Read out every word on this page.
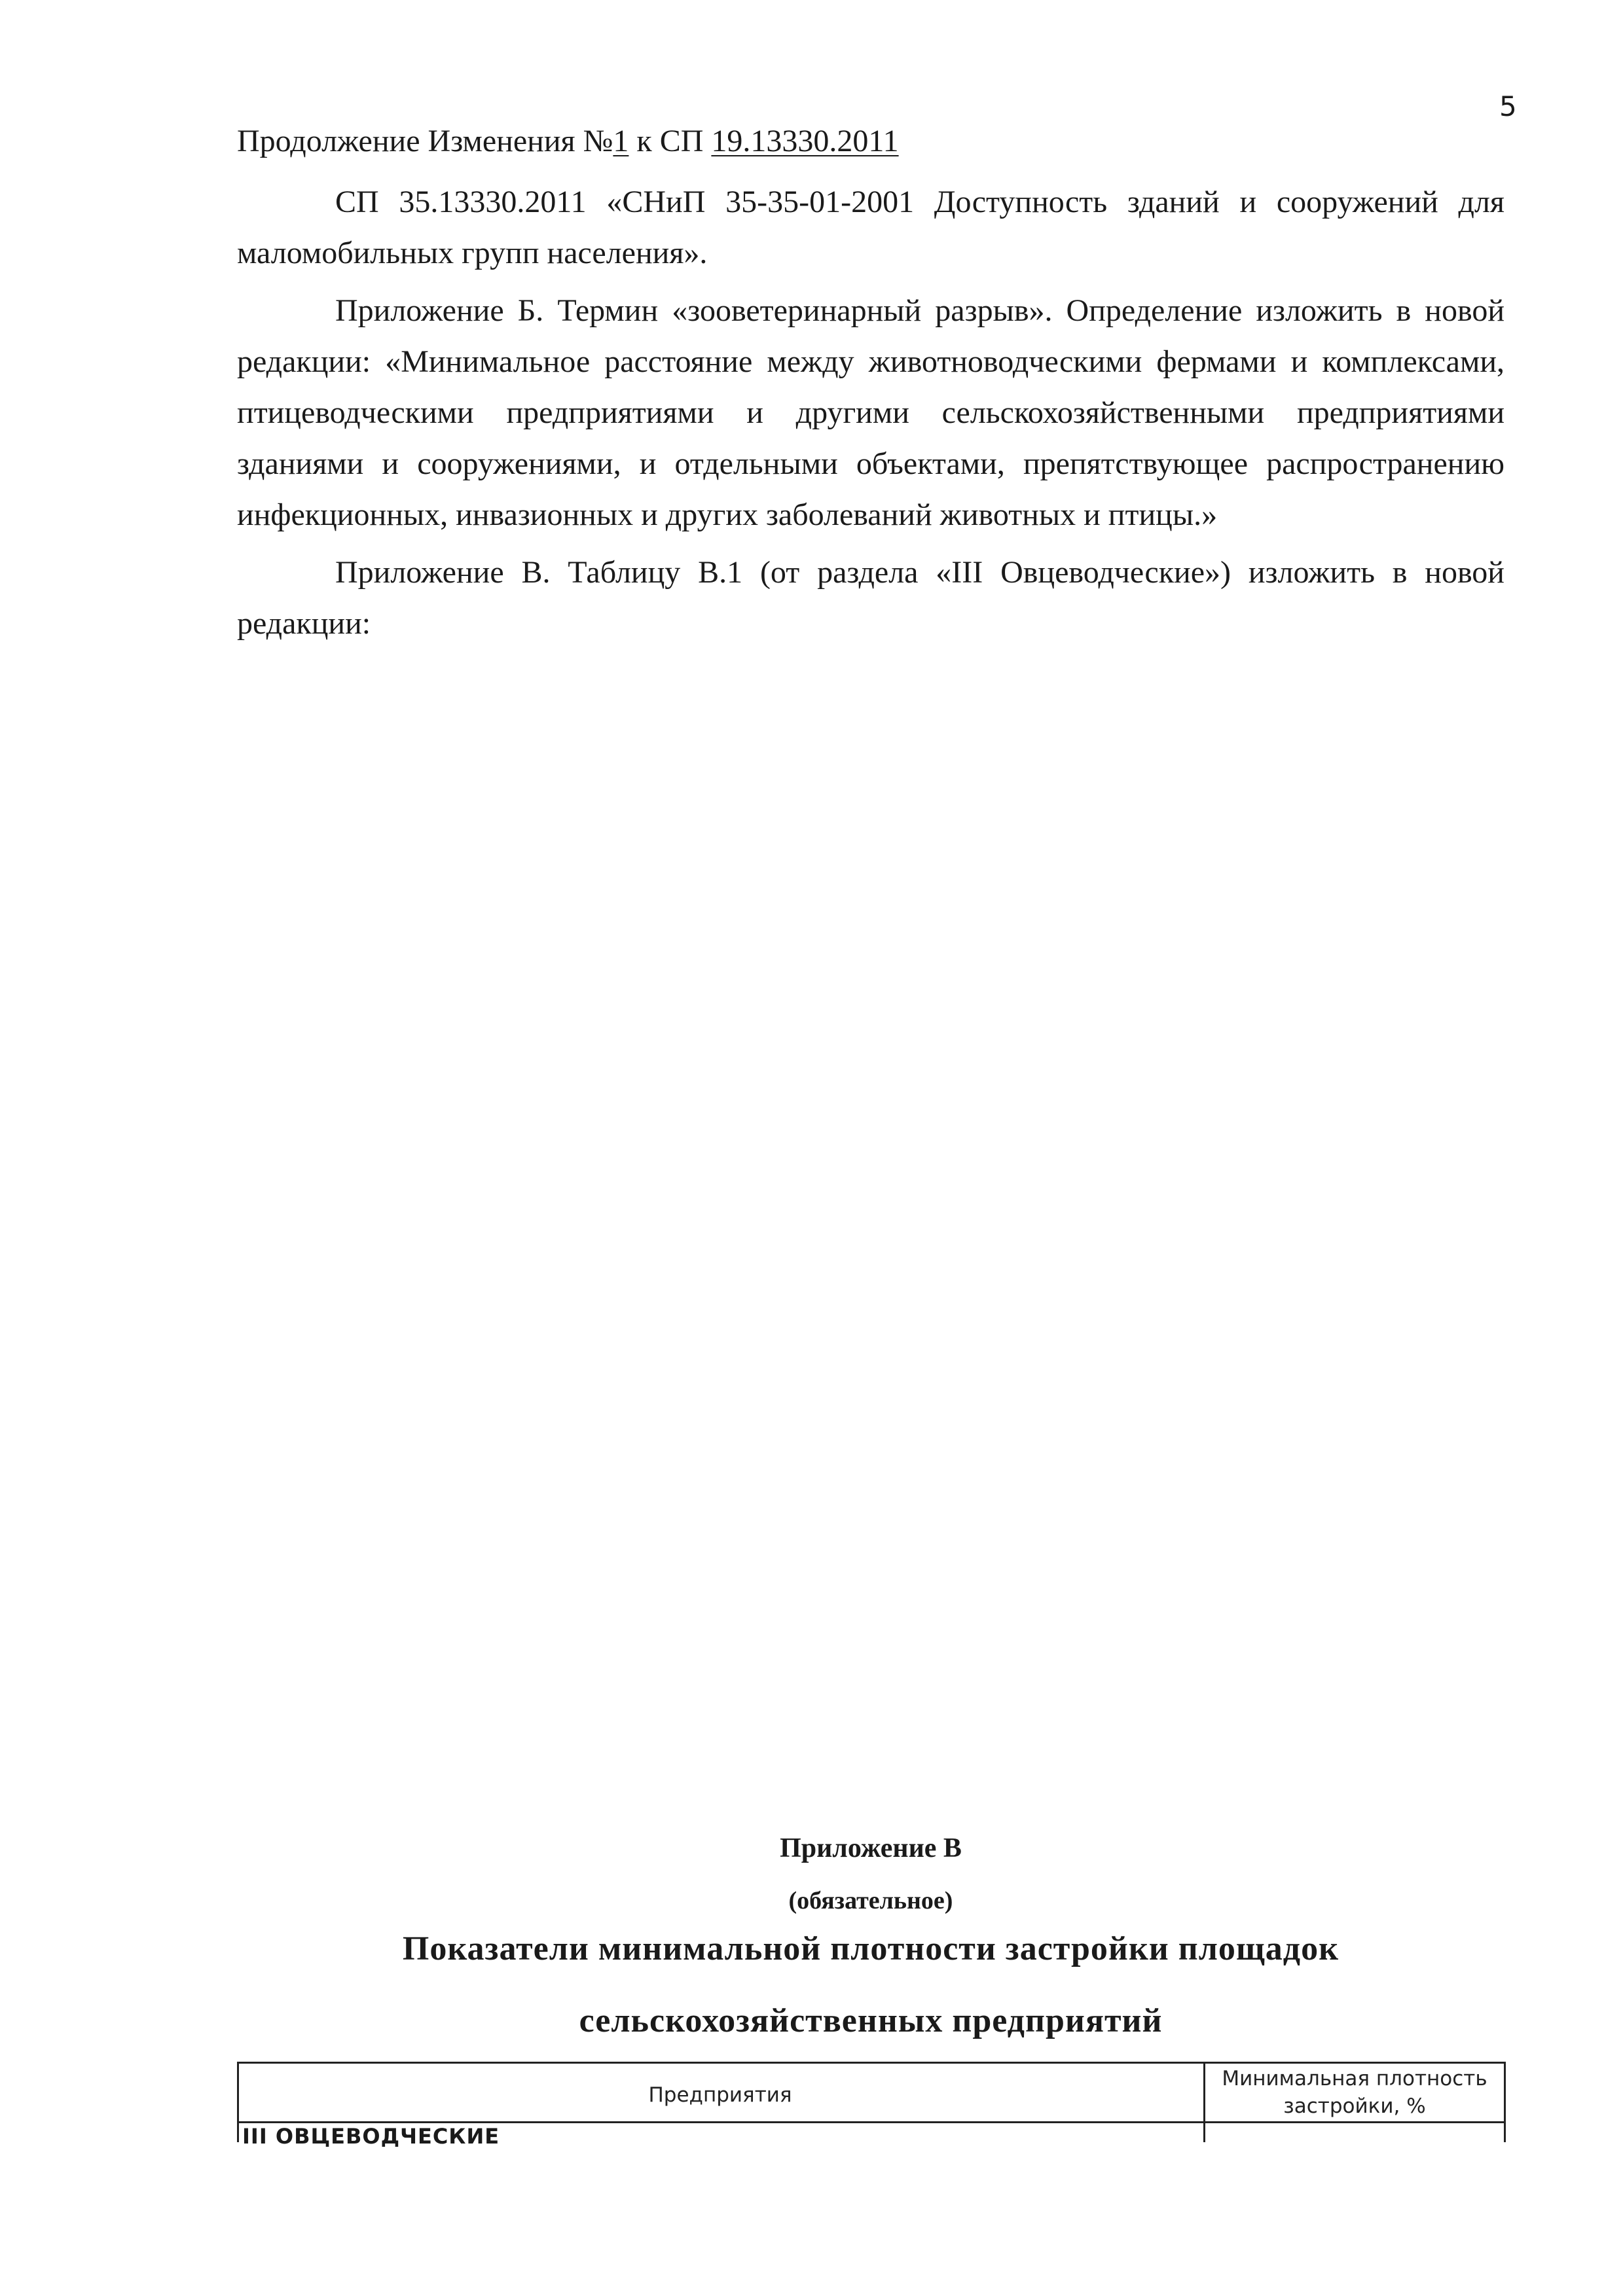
5
Продолжение Изменения №1 к СП 19.13330.2011

СП 35.13330.2011 «СНиП 35-35-01-2001 Доступность зданий и сооружений для маломобильных групп населения».

Приложение Б. Термин «зооветеринарный разрыв». Определение изложить в новой редакции: «Минимальное расстояние между животноводческими фермами и комплексами, птицеводческими предприятиями и другими сельскохозяйственными предприятиями зданиями и сооружениями, и отдельными объектами, препятствующее распространению инфекционных, инвазионных и других заболеваний животных и птицы.»

Приложение В. Таблицу В.1 (от раздела «III Овцеводческие») изложить в новой редакции:

Приложение В
(обязательное)
Показатели минимальной плотности застройки площадок
сельскохозяйственных предприятий
Предприятия
Минимальная плотность
застройки, %
III ОВЦЕВОДЧЕСКИЕ
